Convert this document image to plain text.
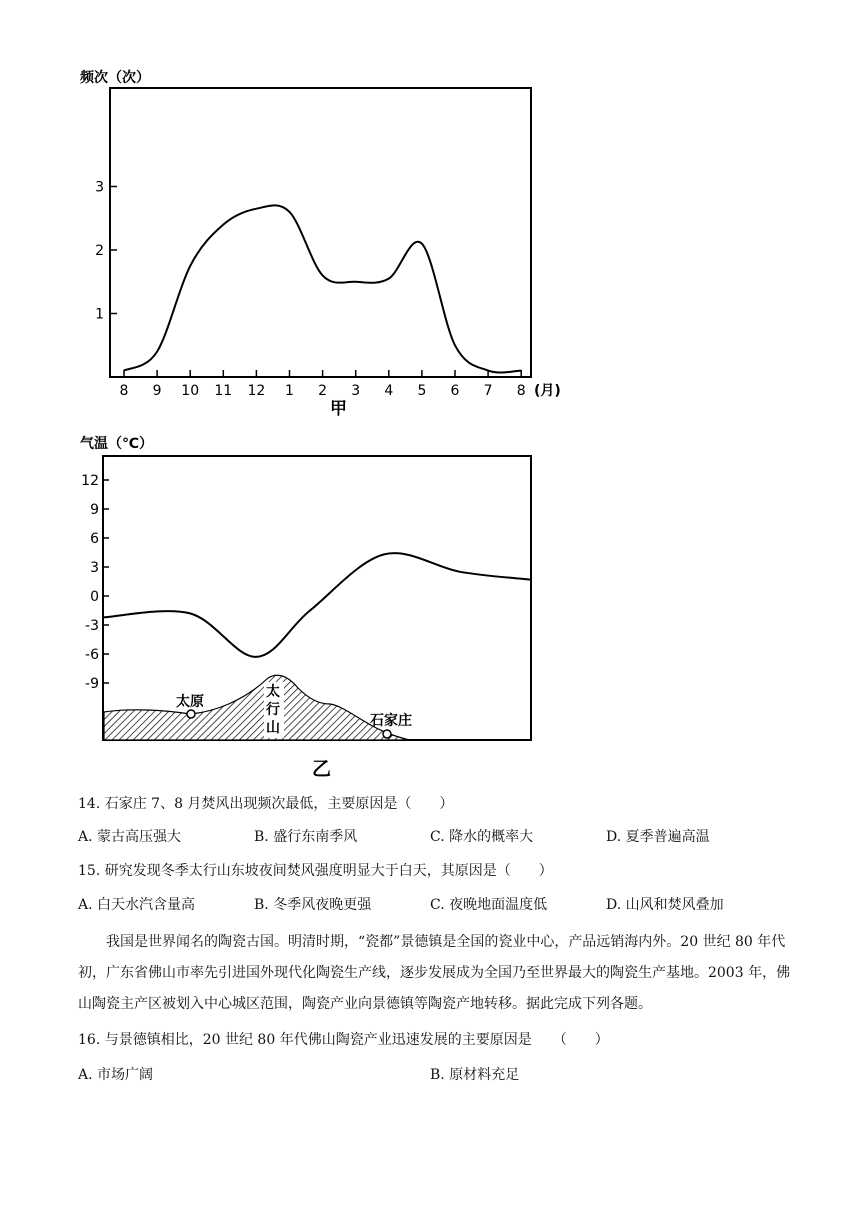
频次（次）
1
2
3
8 9 10 11 12 1 2 3 4 5 6 7 8 (月)
甲
气温（℃）
12
9
6
3
0
-3
-6
-9
太原
太
行
山	石家庄
乙
14. 石家庄 7、8 月焚风出现频次最低，主要原因是（　　）
A. 蒙古高压强大	B. 盛行东南季风	C. 降水的概率大	D. 夏季普遍高温
15. 研究发现冬季太行山东坡夜间焚风强度明显大于白天，其原因是（　　）
A. 白天水汽含量高	B. 冬季风夜晚更强	C. 夜晚地面温度低	D. 山风和焚风叠加
我国是世界闻名的陶瓷古国。明清时期，“瓷都”景德镇是全国的瓷业中心，产品远销海内外。20 世纪 80 年代初，广东省佛山市率先引进国外现代化陶瓷生产线，逐步发展成为全国乃至世界最大的陶瓷生产基地。2003 年，佛山陶瓷主产区被划入中心城区范围，陶瓷产业向景德镇等陶瓷产地转移。据此完成下列各题。
16. 与景德镇相比，20 世纪 80 年代佛山陶瓷产业迅速发展的主要原因是　　（　　）
A. 市场广阔	B. 原材料充足
